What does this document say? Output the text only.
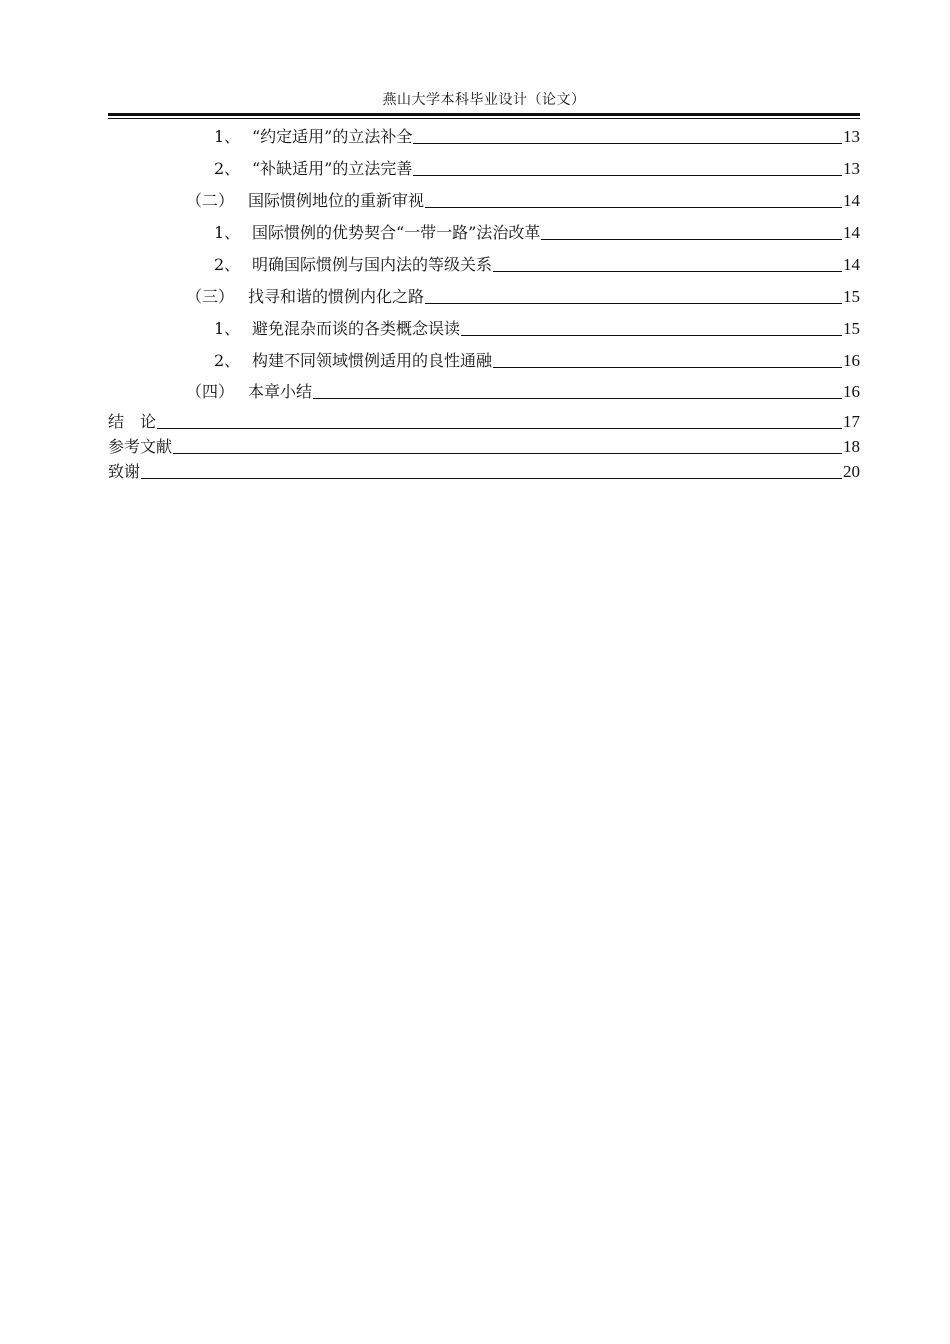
燕山大学本科毕业设计（论文）
1、 “约定适用”的立法补全	13
2、 “补缺适用”的立法完善	13
（二） 国际惯例地位的重新审视	14
1、 国际惯例的优势契合“一带一路”法治改革	14
2、 明确国际惯例与国内法的等级关系	14
（三） 找寻和谐的惯例内化之路	15
1、 避免混杂而谈的各类概念误读	15
2、 构建不同领域惯例适用的良性通融	16
（四） 本章小结	16
结　论	17
参考文献	18
致谢	20
